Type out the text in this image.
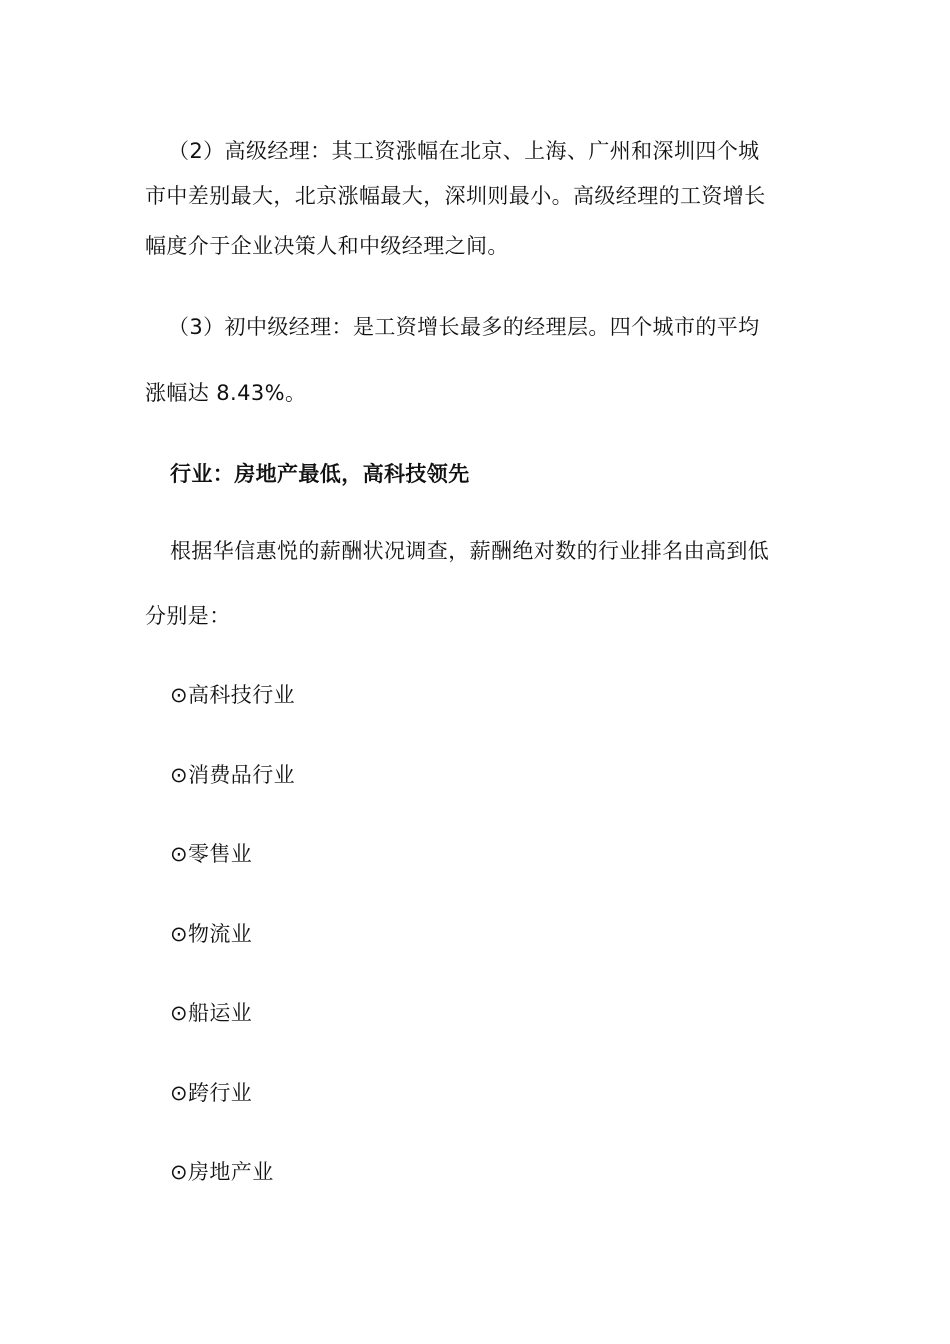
（2）高级经理：其工资涨幅在北京、上海、广州和深圳四个城
市中差别最大，北京涨幅最大，深圳则最小。高级经理的工资增长
幅度介于企业决策人和中级经理之间。
（3）初中级经理：是工资增长最多的经理层。四个城市的平均
涨幅达 8.43%。
行业：房地产最低，高科技领先
根据华信惠悦的薪酬状况调查，薪酬绝对数的行业排名由高到低
分别是：
⊙高科技行业
⊙消费品行业
⊙零售业
⊙物流业
⊙船运业
⊙跨行业
⊙房地产业
